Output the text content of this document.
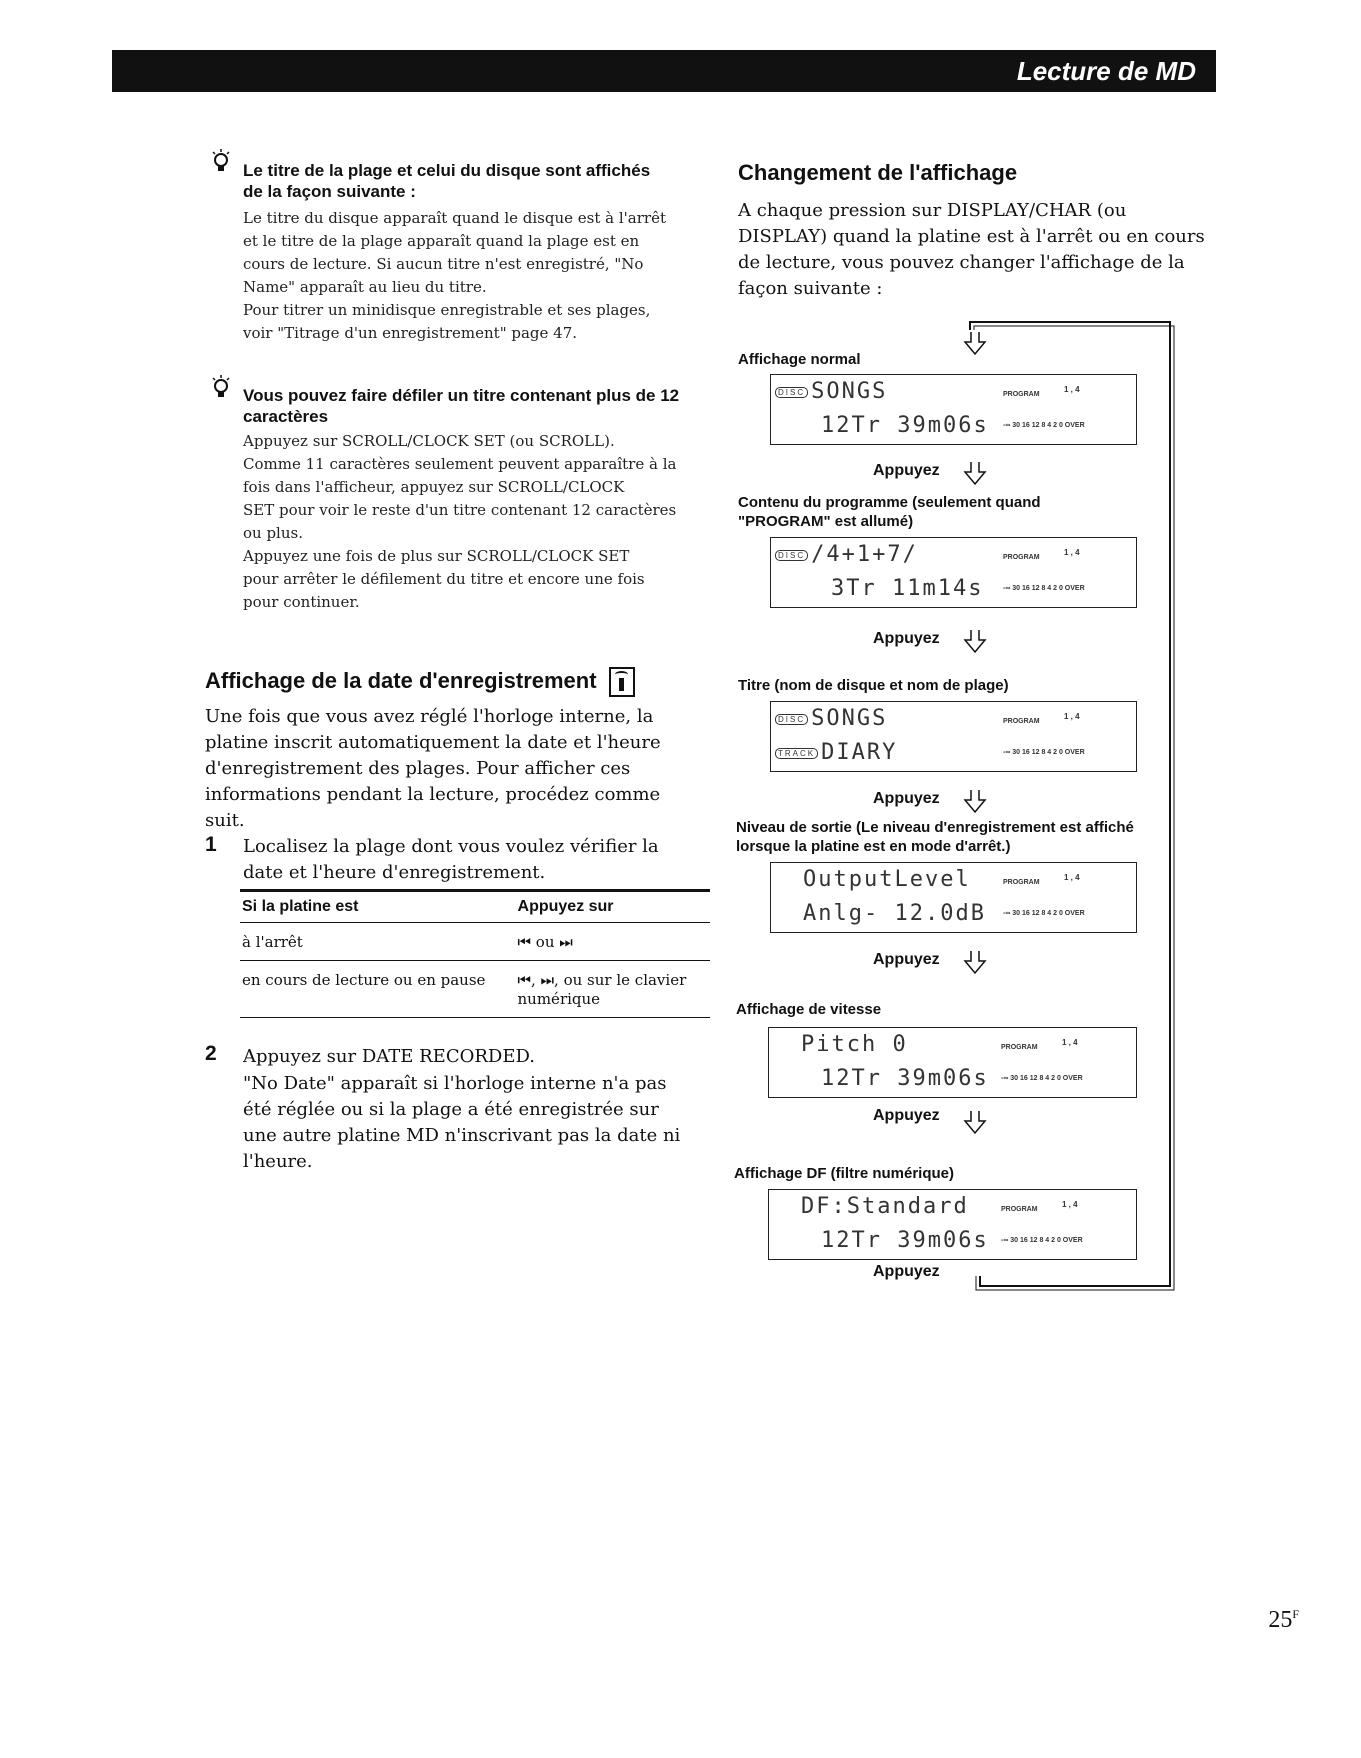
Lecture de MD
Le titre de la plage et celui du disque sont affichés de la façon suivante :

Le titre du disque apparaît quand le disque est à l'arrêt

et le titre de la plage apparaît quand la plage est en

cours de lecture. Si aucun titre n'est enregistré, "No

Name" apparaît au lieu du titre.

Pour titrer un minidisque enregistrable et ses plages,

voir "Titrage d'un enregistrement" page 47.

Vous pouvez faire défiler un titre contenant plus de 12 caractères

Appuyez sur SCROLL/CLOCK SET (ou SCROLL).

Comme 11 caractères seulement peuvent apparaître à la

fois dans l'afficheur, appuyez sur SCROLL/CLOCK

SET pour voir le reste d'un titre contenant 12 caractères

ou plus.

Appuyez une fois de plus sur SCROLL/CLOCK SET

pour arrêter le défilement du titre et encore une fois

pour continuer.

Affichage de la date d'enregistrement
Une fois que vous avez réglé l'horloge interne, la platine inscrit automatiquement la date et l'heure d'enregistrement des plages. Pour afficher ces informations pendant la lecture, procédez comme suit.
1 Localisez la plage dont vous voulez vérifier la date et l'heure d'enregistrement.
Si la platine est	Appuyez sur
à l'arrêt	⏮ ou ⏭
en cours de lecture ou en pause	⏮, ⏭, ou sur le clavier numérique
2 Appuyez sur DATE RECORDED.
"No Date" apparaît si l'horloge interne n'a pas été réglée ou si la plage a été enregistrée sur une autre platine MD n'inscrivant pas la date ni l'heure.
Changement de l'affichage
A chaque pression sur DISPLAY/CHAR (ou DISPLAY) quand la platine est à l'arrêt ou en cours de lecture, vous pouvez changer l'affichage de la façon suivante :
Affichage normal
DISC SONGS
12Tr 39m06s
PROGRAM
1 , 4
-∞ 30 16 12 8 4 2 0 OVER
Appuyez
Contenu du programme (seulement quand "PROGRAM" est allumé)
DISC /4+1+7/
3Tr 11m14s
PROGRAM
1 , 4
-∞ 30 16 12 8 4 2 0 OVER
Appuyez
Titre (nom de disque et nom de plage)
DISC SONGS
TRACK DIARY
PROGRAM
1 , 4
-∞ 30 16 12 8 4 2 0 OVER
Appuyez
Niveau de sortie (Le niveau d'enregistrement est affiché lorsque la platine est en mode d'arrêt.)
OutputLevel
Anlg- 12.0dB
PROGRAM
1 , 4
-∞ 30 16 12 8 4 2 0 OVER
Appuyez
Affichage de vitesse
Pitch 0
12Tr 39m06s
PROGRAM
1 , 4
-∞ 30 16 12 8 4 2 0 OVER
Appuyez
Affichage DF (filtre numérique)
DF:Standard
12Tr 39m06s
PROGRAM
1 , 4
-∞ 30 16 12 8 4 2 0 OVER
Appuyez
$25^F$
